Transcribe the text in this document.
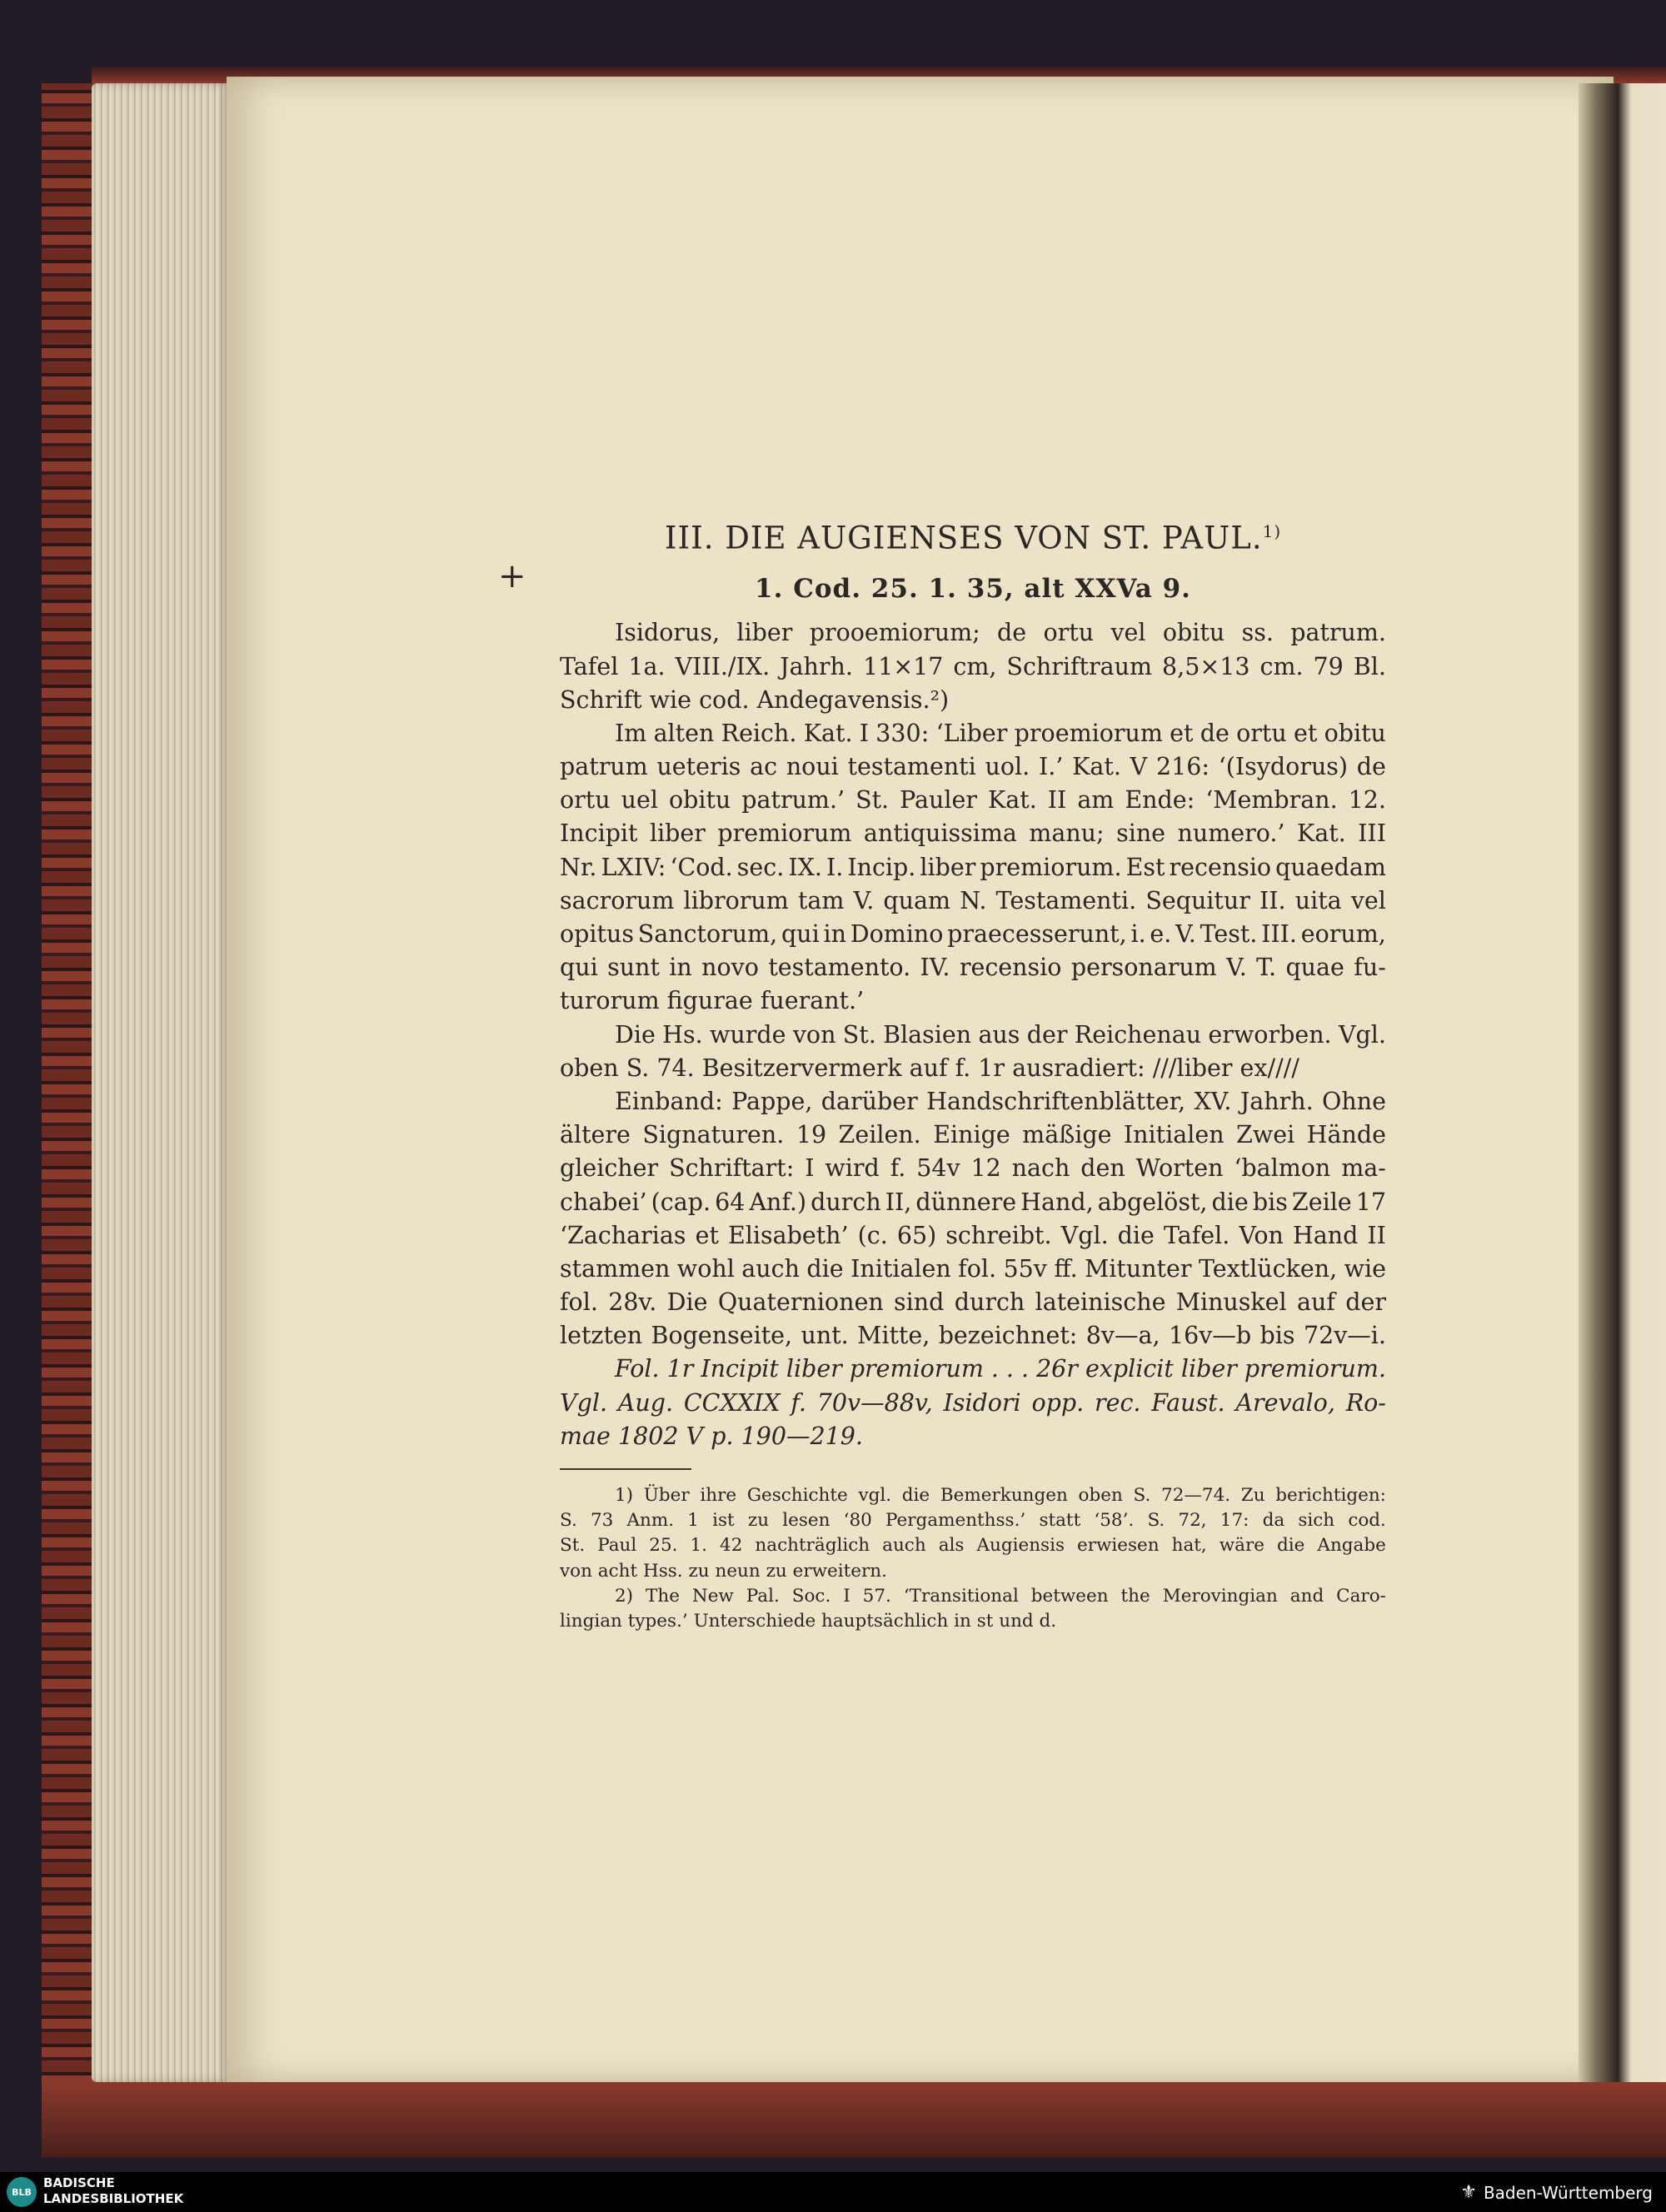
III. DIE AUGIENSES VON ST. PAUL.$^{1)}$
+	1. Cod. 25. 1. 35, alt XXVa 9.
Isidorus, liber prooemiorum; de ortu vel obitu ss. patrum.
Tafel 1a. VIII./IX. Jahrh. 11×17 cm, Schriftraum 8,5×13 cm. 79 Bl.
Schrift wie cod. Andegavensis.²)
Im alten Reich. Kat. I 330: ‘Liber proemiorum et de ortu et obitu
patrum ueteris ac noui testamenti uol. I.’ Kat. V 216: ‘(Isydorus) de
ortu uel obitu patrum.’ St. Pauler Kat. II am Ende: ‘Membran. 12.
Incipit liber premiorum antiquissima manu; sine numero.’ Kat. III
Nr. LXIV: ‘Cod. sec. IX. I. Incip. liber premiorum. Est recensio quaedam
sacrorum librorum tam V. quam N. Testamenti. Sequitur II. uita vel
opitus Sanctorum, qui in Domino praecesserunt, i. e. V. Test. III. eorum,
qui sunt in novo testamento. IV. recensio personarum V. T. quae fu-
turorum figurae fuerant.’
Die Hs. wurde von St. Blasien aus der Reichenau erworben. Vgl.
oben S. 74. Besitzervermerk auf f. 1r ausradiert: ///liber ex////
Einband: Pappe, darüber Handschriftenblätter, XV. Jahrh. Ohne
ältere Signaturen. 19 Zeilen. Einige mäßige Initialen Zwei Hände
gleicher Schriftart: I wird f. 54v 12 nach den Worten ‘balmon ma-
chabei’ (cap. 64 Anf.) durch II, dünnere Hand, abgelöst, die bis Zeile 17
‘Zacharias et Elisabeth’ (c. 65) schreibt. Vgl. die Tafel. Von Hand II
stammen wohl auch die Initialen fol. 55v ff. Mitunter Textlücken, wie
fol. 28v. Die Quaternionen sind durch lateinische Minuskel auf der
letzten Bogenseite, unt. Mitte, bezeichnet: 8v—a, 16v—b bis 72v—i.
Fol. 1r Incipit liber premiorum . . . 26r explicit liber premiorum.
Vgl. Aug. CCXXIX f. 70v—88v, Isidori opp. rec. Faust. Arevalo, Ro-
mae 1802 V p. 190—219.
1) Über ihre Geschichte vgl. die Bemerkungen oben S. 72—74. Zu berichtigen:
S. 73 Anm. 1 ist zu lesen ‘80 Pergamenthss.’ statt ‘58’. S. 72, 17: da sich cod.
St. Paul 25. 1. 42 nachträglich auch als Augiensis erwiesen hat, wäre die Angabe
von acht Hss. zu neun zu erweitern.
2) The New Pal. Soc. I 57. ‘Transitional between the Merovingian and Caro-
lingian types.’ Unterschiede hauptsächlich in st und d.
BLB
BADISCHE
LANDESBIBLIOTHEK	⚜ Baden-Württemberg
